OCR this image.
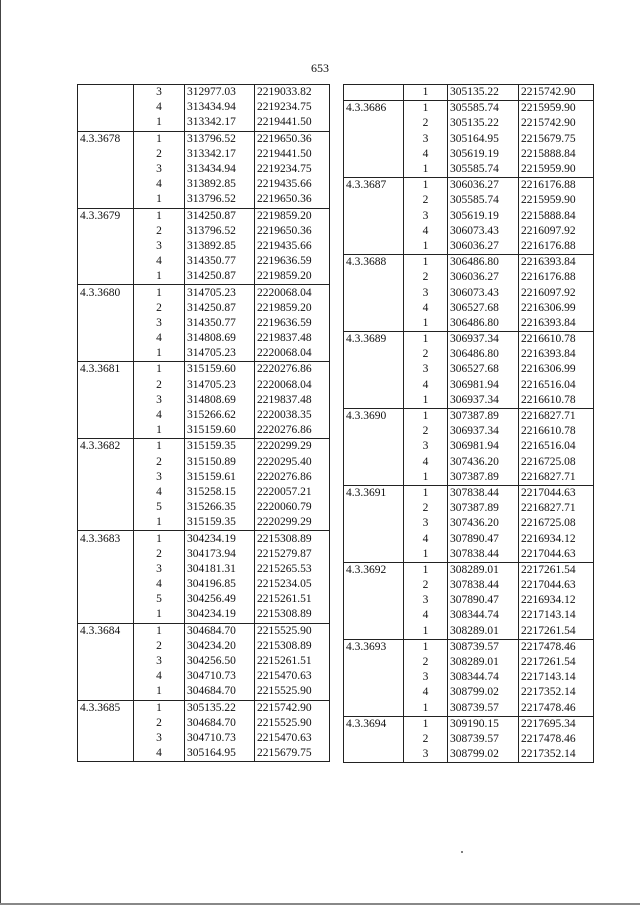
653
	3	312977.03	2219033.82
	4	313434.94	2219234.75
	1	313342.17	2219441.50
4.3.3678	1	313796.52	2219650.36
	2	313342.17	2219441.50
	3	313434.94	2219234.75
	4	313892.85	2219435.66
	1	313796.52	2219650.36
4.3.3679	1	314250.87	2219859.20
	2	313796.52	2219650.36
	3	313892.85	2219435.66
	4	314350.77	2219636.59
	1	314250.87	2219859.20
4.3.3680	1	314705.23	2220068.04
	2	314250.87	2219859.20
	3	314350.77	2219636.59
	4	314808.69	2219837.48
	1	314705.23	2220068.04
4.3.3681	1	315159.60	2220276.86
	2	314705.23	2220068.04
	3	314808.69	2219837.48
	4	315266.62	2220038.35
	1	315159.60	2220276.86
4.3.3682	1	315159.35	2220299.29
	2	315150.89	2220295.40
	3	315159.61	2220276.86
	4	315258.15	2220057.21
	5	315266.35	2220060.79
	1	315159.35	2220299.29
4.3.3683	1	304234.19	2215308.89
	2	304173.94	2215279.87
	3	304181.31	2215265.53
	4	304196.85	2215234.05
	5	304256.49	2215261.51
	1	304234.19	2215308.89
4.3.3684	1	304684.70	2215525.90
	2	304234.20	2215308.89
	3	304256.50	2215261.51
	4	304710.73	2215470.63
	1	304684.70	2215525.90
4.3.3685	1	305135.22	2215742.90
	2	304684.70	2215525.90
	3	304710.73	2215470.63
	4	305164.95	2215679.75
	1	305135.22	2215742.90
4.3.3686	1	305585.74	2215959.90
	2	305135.22	2215742.90
	3	305164.95	2215679.75
	4	305619.19	2215888.84
	1	305585.74	2215959.90
4.3.3687	1	306036.27	2216176.88
	2	305585.74	2215959.90
	3	305619.19	2215888.84
	4	306073.43	2216097.92
	1	306036.27	2216176.88
4.3.3688	1	306486.80	2216393.84
	2	306036.27	2216176.88
	3	306073.43	2216097.92
	4	306527.68	2216306.99
	1	306486.80	2216393.84
4.3.3689	1	306937.34	2216610.78
	2	306486.80	2216393.84
	3	306527.68	2216306.99
	4	306981.94	2216516.04
	1	306937.34	2216610.78
4.3.3690	1	307387.89	2216827.71
	2	306937.34	2216610.78
	3	306981.94	2216516.04
	4	307436.20	2216725.08
	1	307387.89	2216827.71
4.3.3691	1	307838.44	2217044.63
	2	307387.89	2216827.71
	3	307436.20	2216725.08
	4	307890.47	2216934.12
	1	307838.44	2217044.63
4.3.3692	1	308289.01	2217261.54
	2	307838.44	2217044.63
	3	307890.47	2216934.12
	4	308344.74	2217143.14
	1	308289.01	2217261.54
4.3.3693	1	308739.57	2217478.46
	2	308289.01	2217261.54
	3	308344.74	2217143.14
	4	308799.02	2217352.14
	1	308739.57	2217478.46
4.3.3694	1	309190.15	2217695.34
	2	308739.57	2217478.46
	3	308799.02	2217352.14
